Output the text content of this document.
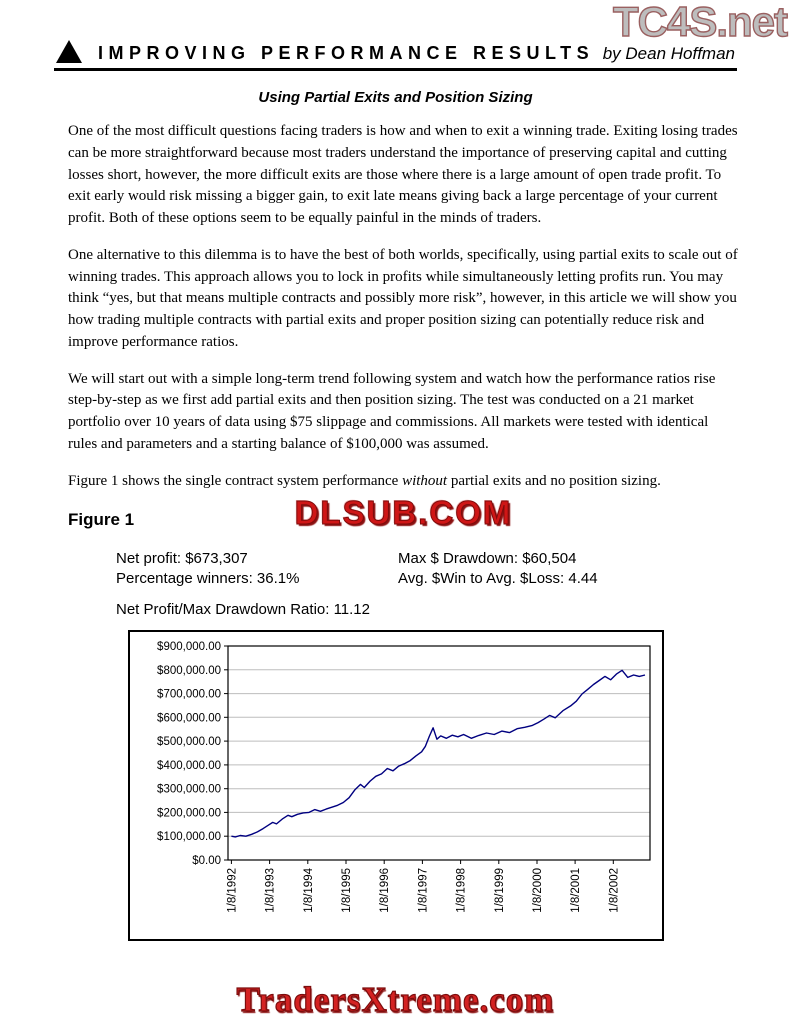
TC4S.net
IMPROVING PERFORMANCE RESULTS by Dean Hoffman
Using Partial Exits and Position Sizing

One of the most difficult questions facing traders is how and when to exit a winning trade. Exiting losing trades can be more straightforward because most traders understand the importance of preserving capital and cutting losses short, however, the more difficult exits are those where there is a large amount of open trade profit. To exit early would risk missing a bigger gain, to exit late means giving back a large percentage of your current profit. Both of these options seem to be equally painful in the minds of traders.

One alternative to this dilemma is to have the best of both worlds, specifically, using partial exits to scale out of winning trades. This approach allows you to lock in profits while simultaneously letting profits run. You may think “yes, but that means multiple contracts and possibly more risk”, however, in this article we will show you how trading multiple contracts with partial exits and proper position sizing can potentially reduce risk and improve performance ratios.

We will start out with a simple long-term trend following system and watch how the performance ratios rise step-by-step as we first add partial exits and then position sizing. The test was conducted on a 21 market portfolio over 10 years of data using $75 slippage and commissions. All markets were tested with identical rules and parameters and a starting balance of $100,000 was assumed.

Figure 1 shows the single contract system performance without partial exits and no position sizing.

Figure 1	DLSUB.COM
Net profit: $673,307	Max $ Drawdown: $60,504
Percentage winners: 36.1%	Avg. $Win to Avg. $Loss: 4.44
Net Profit/Max Drawdown Ratio: 11.12
$0.00
$100,000.00
$200,000.00
$300,000.00
$400,000.00
$500,000.00
$600,000.00
$700,000.00
$800,000.00
$900,000.00
1/8/1992 1/8/1993 1/8/1994 1/8/1995 1/8/1996 1/8/1997 1/8/1998 1/8/1999 1/8/2000 1/8/2001 1/8/2002
TradersXtreme.com
